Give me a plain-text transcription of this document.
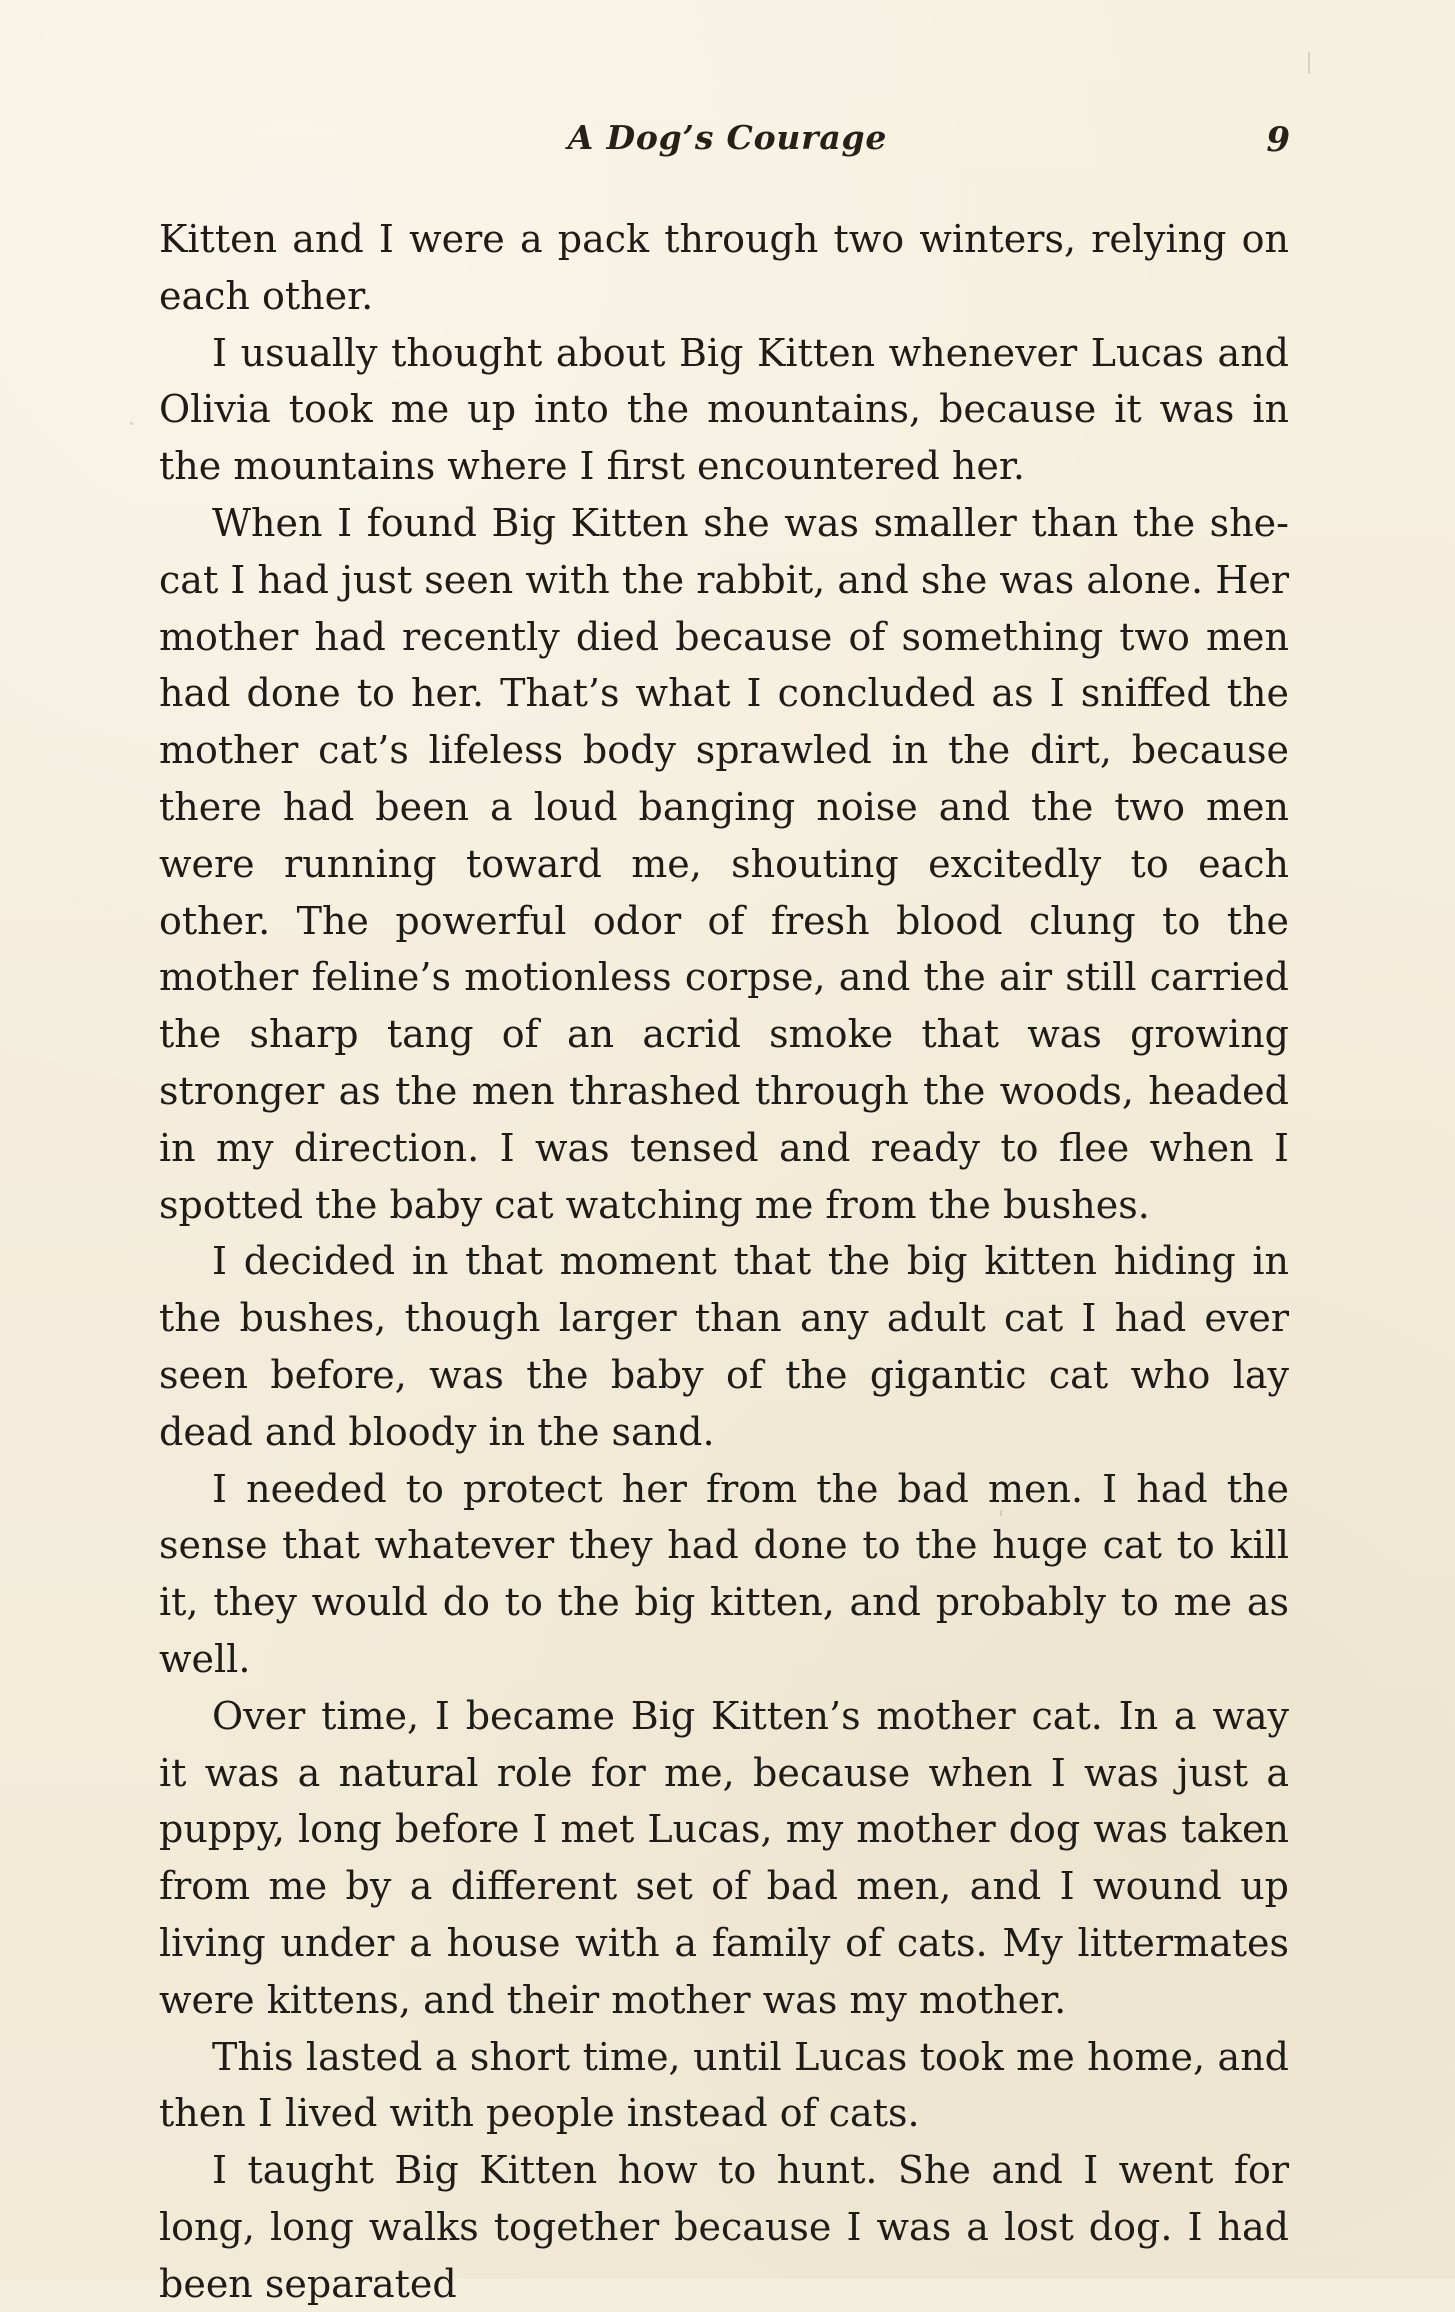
A Dog’s Courage	9

Kitten and I were a pack through two winters, relying on each other.

I usually thought about Big Kitten whenever Lucas and Olivia took me up into the mountains, because it was in the mountains where I first encountered her.

When I found Big Kitten she was smaller than the she-cat I had just seen with the rabbit, and she was alone. Her mother had recently died because of something two men had done to her. That’s what I concluded as I sniffed the mother cat’s lifeless body sprawled in the dirt, because there had been a loud banging noise and the two men were running toward me, shouting excitedly to each other. The powerful odor of fresh blood clung to the mother feline’s motionless corpse, and the air still carried the sharp tang of an acrid smoke that was growing stronger as the men thrashed through the woods, headed in my direction. I was tensed and ready to flee when I spotted the baby cat watching me from the bushes.

I decided in that moment that the big kitten hiding in the bushes, though larger than any adult cat I had ever seen before, was the baby of the gigantic cat who lay dead and bloody in the sand.

I needed to protect her from the bad men. I had the sense that whatever they had done to the huge cat to kill it, they would do to the big kitten, and probably to me as well.

Over time, I became Big Kitten’s mother cat. In a way it was a natural role for me, because when I was just a puppy, long before I met Lucas, my mother dog was taken from me by a different set of bad men, and I wound up living under a house with a family of cats. My littermates were kittens, and their mother was my mother.

This lasted a short time, until Lucas took me home, and then I lived with people instead of cats.

I taught Big Kitten how to hunt. She and I went for long, long walks together because I was a lost dog. I had been separated
